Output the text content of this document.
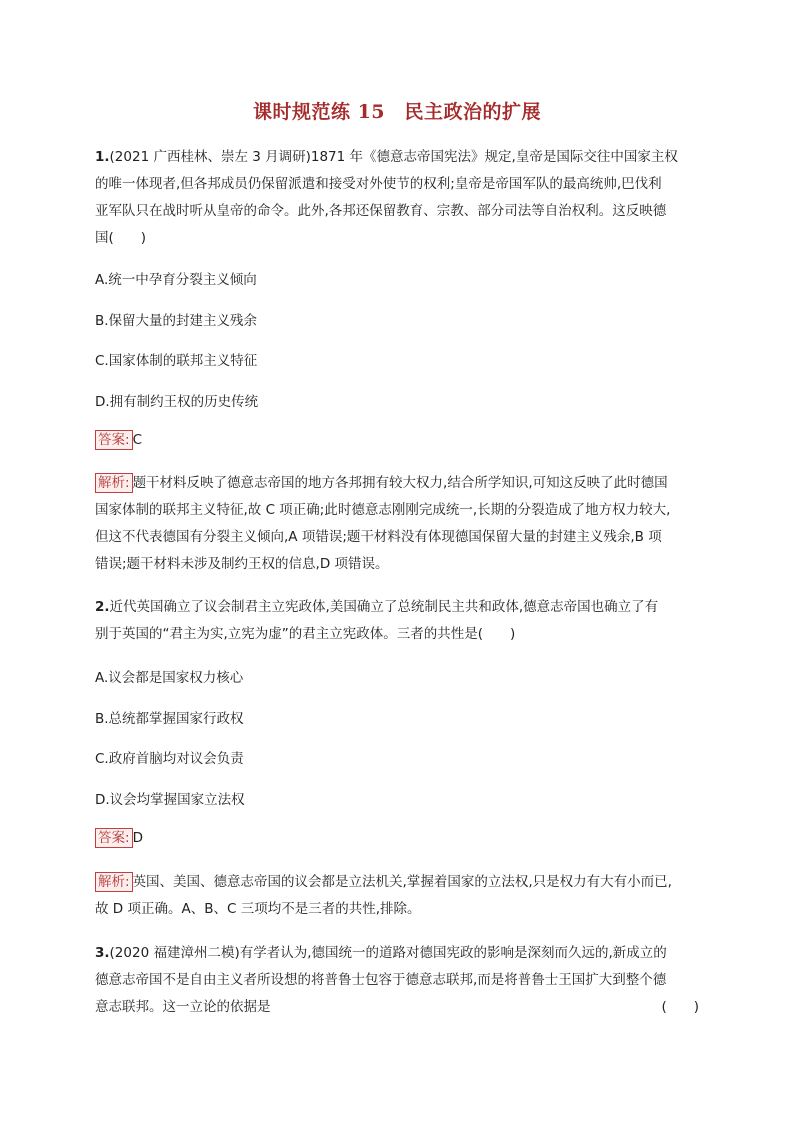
课时规范练 15　民主政治的扩展
1.(2021 广西桂林、崇左 3 月调研)1871 年《德意志帝国宪法》规定,皇帝是国际交往中国家主权
的唯一体现者,但各邦成员仍保留派遣和接受对外使节的权利;皇帝是帝国军队的最高统帅,巴伐利
亚军队只在战时听从皇帝的命令。此外,各邦还保留教育、宗教、部分司法等自治权利。这反映德
国(　　)
A.统一中孕育分裂主义倾向
B.保留大量的封建主义残余
C.国家体制的联邦主义特征
D.拥有制约王权的历史传统
答案: C
解析: 题干材料反映了德意志帝国的地方各邦拥有较大权力,结合所学知识,可知这反映了此时德国
国家体制的联邦主义特征,故 C 项正确;此时德意志刚刚完成统一,长期的分裂造成了地方权力较大,
但这不代表德国有分裂主义倾向,A 项错误;题干材料没有体现德国保留大量的封建主义残余,B 项
错误;题干材料未涉及制约王权的信息,D 项错误。
2.近代英国确立了议会制君主立宪政体,美国确立了总统制民主共和政体,德意志帝国也确立了有
别于英国的“君主为实,立宪为虚”的君主立宪政体。三者的共性是(　　)
A.议会都是国家权力核心
B.总统都掌握国家行政权
C.政府首脑均对议会负责
D.议会均掌握国家立法权
答案: D
解析: 英国、美国、德意志帝国的议会都是立法机关,掌握着国家的立法权,只是权力有大有小而已,
故 D 项正确。A、B、C 三项均不是三者的共性,排除。
3.(2020 福建漳州二模)有学者认为,德国统一的道路对德国宪政的影响是深刻而久远的,新成立的
德意志帝国不是自由主义者所设想的将普鲁士包容于德意志联邦,而是将普鲁士王国扩大到整个德
意志联邦。这一立论的依据是	(　　)
